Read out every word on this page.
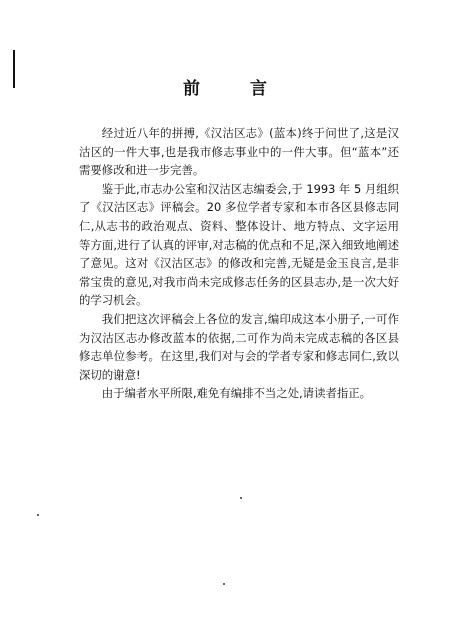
前 言

经过近八年的拼搏,《汉沽区志》(蓝本)终于问世了,这是汉沽区的一件大事,也是我市修志事业中的一件大事。但“蓝本”还需要修改和进一步完善。

鉴于此,市志办公室和汉沽区志编委会,于 1993 年 5 月组织了《汉沽区志》评稿会。20 多位学者专家和本市各区县修志同仁,从志书的政治观点、资料、整体设计、地方特点、文字运用等方面,进行了认真的评审,对志稿的优点和不足,深入细致地阐述了意见。这对《汉沽区志》的修改和完善,无疑是金玉良言,是非常宝贵的意见,对我市尚未完成修志任务的区县志办,是一次大好的学习机会。

我们把这次评稿会上各位的发言,编印成这本小册子,一可作为汉沽区志办修改蓝本的依据,二可作为尚未完成志稿的各区县修志单位参考。在这里,我们对与会的学者专家和修志同仁,致以深切的谢意!

由于编者水平所限,难免有编排不当之处,请读者指正。
